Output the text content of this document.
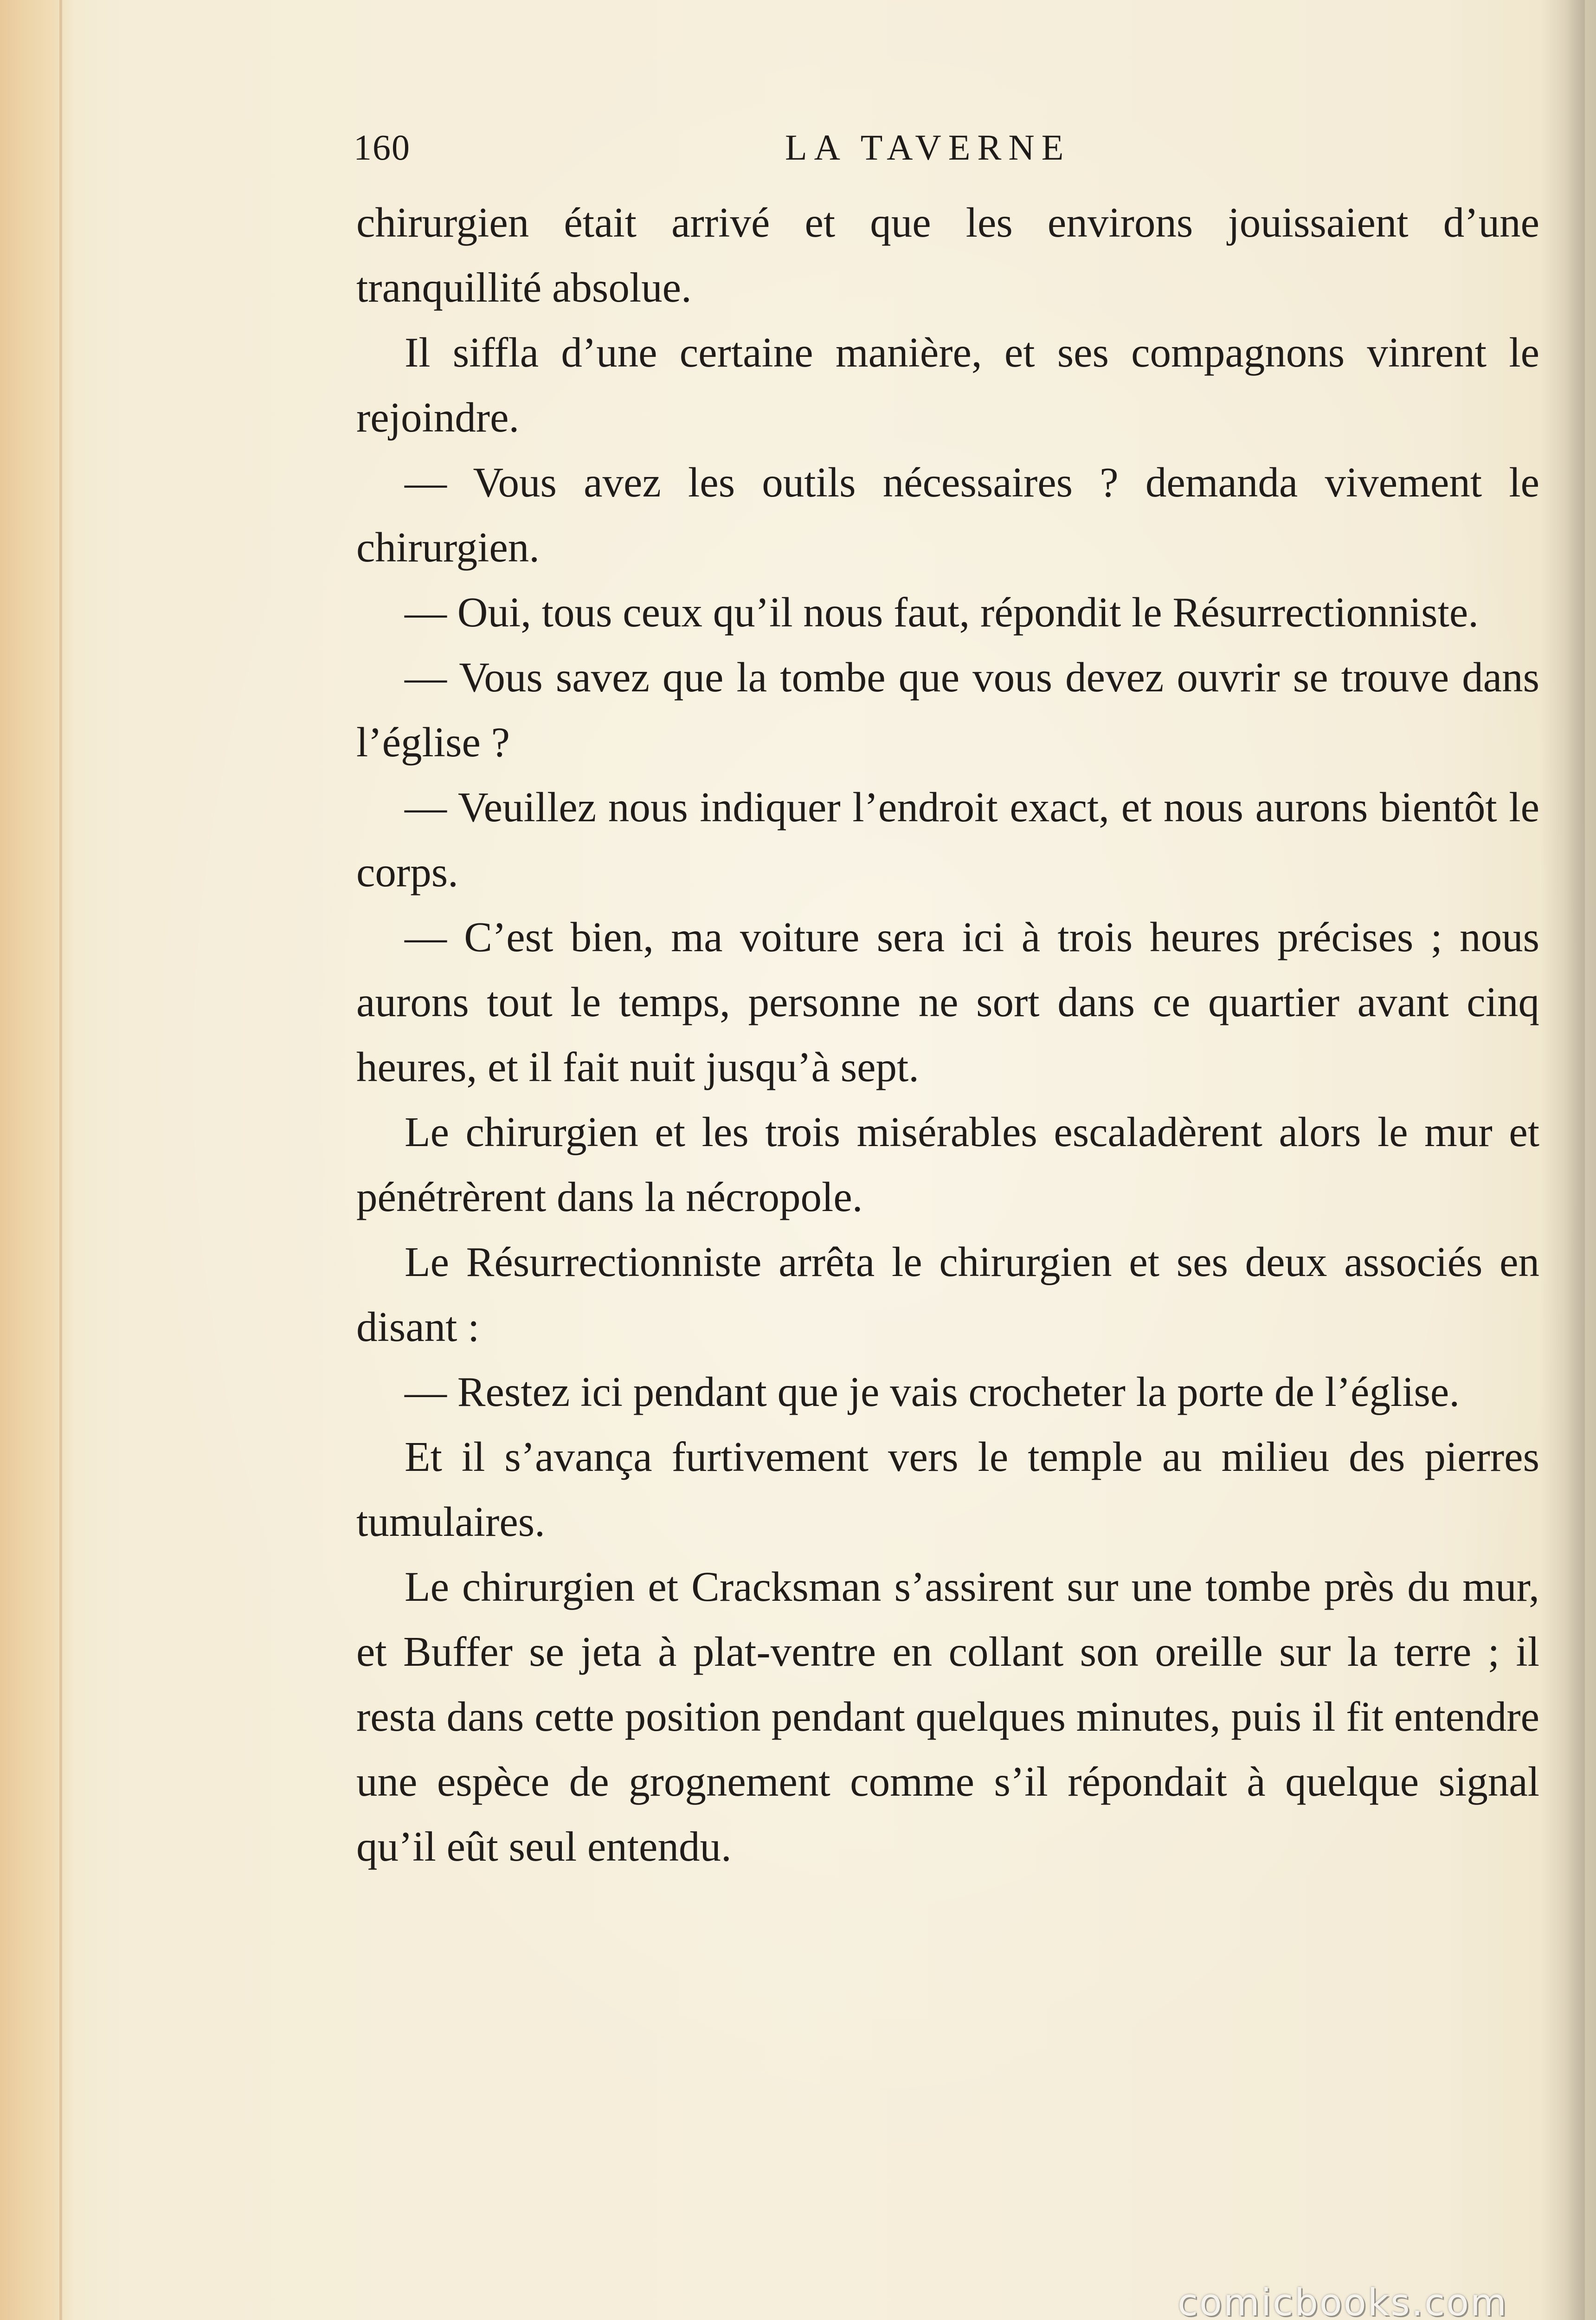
160	LA TAVERNE

chirurgien était arrivé et que les environs jouissaient d’une tranquillité absolue.

Il siffla d’une certaine manière, et ses compagnons vinrent le rejoindre.

— Vous avez les outils nécessaires ? demanda vivement le chirurgien.

— Oui, tous ceux qu’il nous faut, répondit le Résurrectionniste.

— Vous savez que la tombe que vous devez ouvrir se trouve dans l’église ?

— Veuillez nous indiquer l’endroit exact, et nous aurons bientôt le corps.

— C’est bien, ma voiture sera ici à trois heures précises ; nous aurons tout le temps, personne ne sort dans ce quartier avant cinq heures, et il fait nuit jusqu’à sept.

Le chirurgien et les trois misérables escaladèrent alors le mur et pénétrèrent dans la nécropole.

Le Résurrectionniste arrêta le chirurgien et ses deux associés en disant :

— Restez ici pendant que je vais crocheter la porte de l’église.

Et il s’avança furtivement vers le temple au milieu des pierres tumulaires.

Le chirurgien et Cracksman s’assirent sur une tombe près du mur, et Buffer se jeta à plat-ventre en collant son oreille sur la terre ; il resta dans cette position pendant quelques minutes, puis il fit entendre une espèce de grognement comme s’il répondait à quelque signal qu’il eût seul entendu.

comicbooks.com
